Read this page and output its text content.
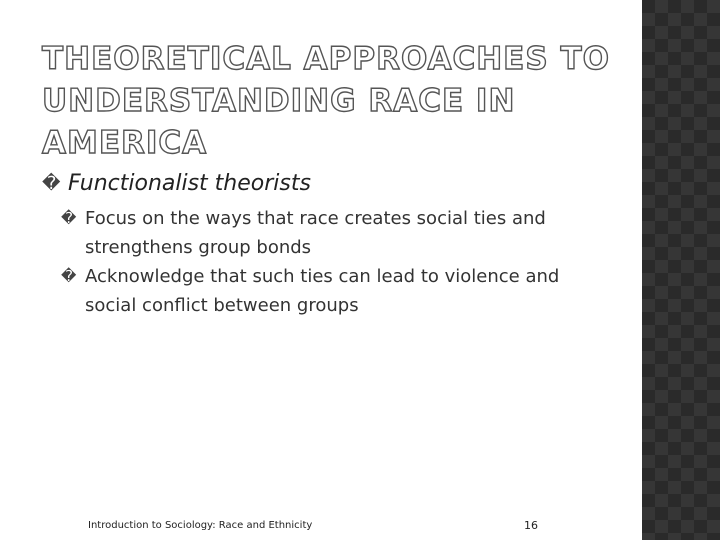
THEORETICAL APPROACHES TO UNDERSTANDING RACE IN AMERICA
� Functionalist theorists
� Focus on the ways that race creates social ties and strengthens group bonds
� Acknowledge that such ties can lead to violence and social conflict between groups
Introduction to Sociology: Race and Ethnicity	16
